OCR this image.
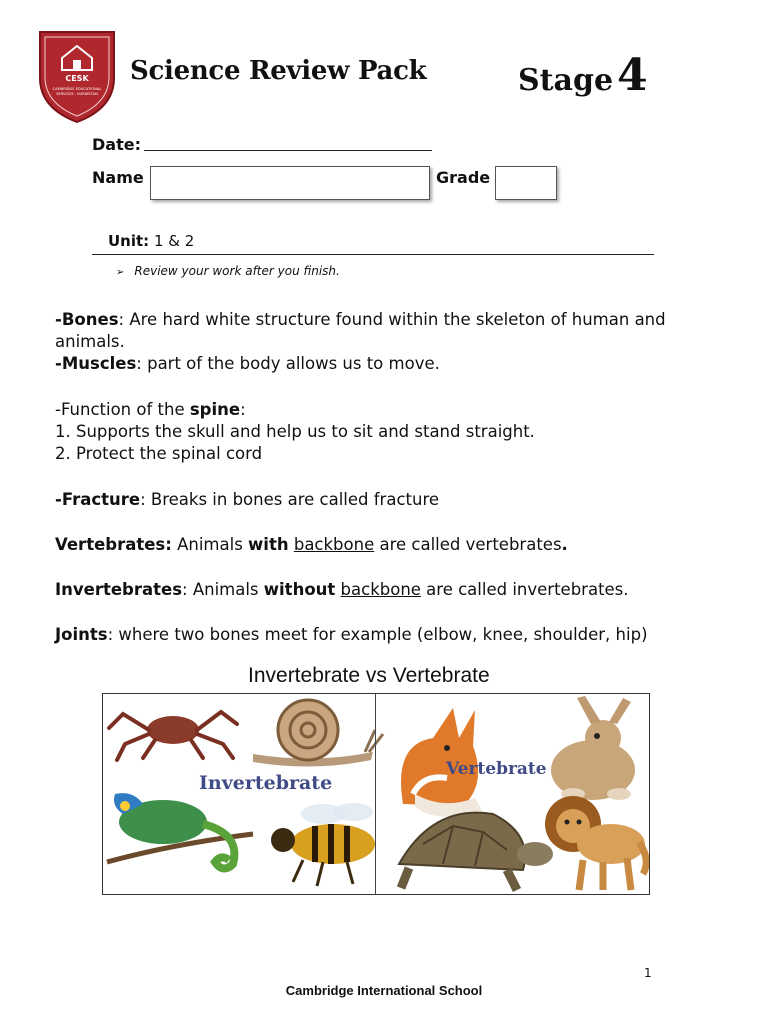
CESK
CAMBRIDGE EDUCATIONAL
SERVICES - KURDISTAN
Science Review Pack	Stage4
Date:
Name	Grade
Unit: 1 & 2
➢ Review your work after you finish.
-Bones: Are hard white structure found within the skeleton of human and
animals.
-Muscles: part of the body allows us to move.
-Function of the spine:
1. Supports the skull and help us to sit and stand straight.
2. Protect the spinal cord
-Fracture: Breaks in bones are called fracture
Vertebrates: Animals with backbone are called vertebrates.
Invertebrates: Animals without backbone are called invertebrates.
Joints: where two bones meet for example (elbow, knee, shoulder, hip)
Invertebrate vs Vertebrate
Invertebrate
Vertebrate
1
Cambridge International School
